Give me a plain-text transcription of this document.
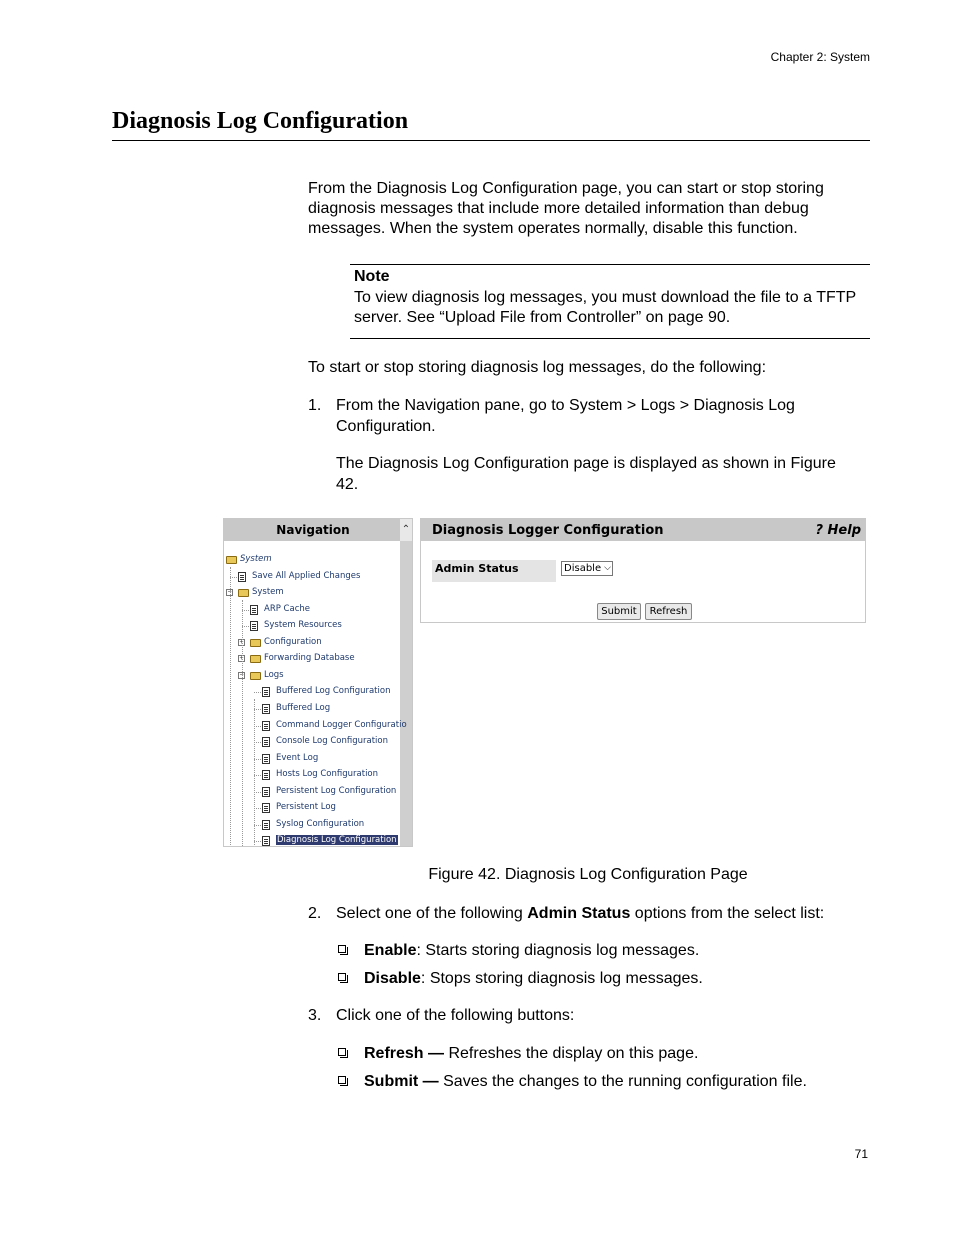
Chapter 2: System
Diagnosis Log Configuration
From the Diagnosis Log Configuration page, you can start or stop storing diagnosis messages that include more detailed information than debug messages. When the system operates normally, disable this function.
Note
To view diagnosis log messages, you must download the file to a TFTP server. See “Upload File from Controller” on page 90.
To start or stop storing diagnosis log messages, do the following:
1. From the Navigation pane, go to System > Logs > Diagnosis Log Configuration.
The Diagnosis Log Configuration page is displayed as shown in Figure 42.
Navigation	⌃
System
Save All Applied Changes
− System
ARP Cache
System Resources
+ Configuration
+ Forwarding Database
− Logs
Buffered Log Configuration
Buffered Log
Command Logger Configuratio
Console Log Configuration
Event Log
Hosts Log Configuration
Persistent Log Configuration
Persistent Log
Syslog Configuration
Diagnosis Log Configuration
Diagnosis Logger Configuration	? Help
Admin Status	Disable ⌵
Submit	Refresh
Figure 42. Diagnosis Log Configuration Page
2. Select one of the following Admin Status options from the select list:
Enable: Starts storing diagnosis log messages.
Disable: Stops storing diagnosis log messages.
3. Click one of the following buttons:
Refresh — Refreshes the display on this page.
Submit — Saves the changes to the running configuration file.
71
